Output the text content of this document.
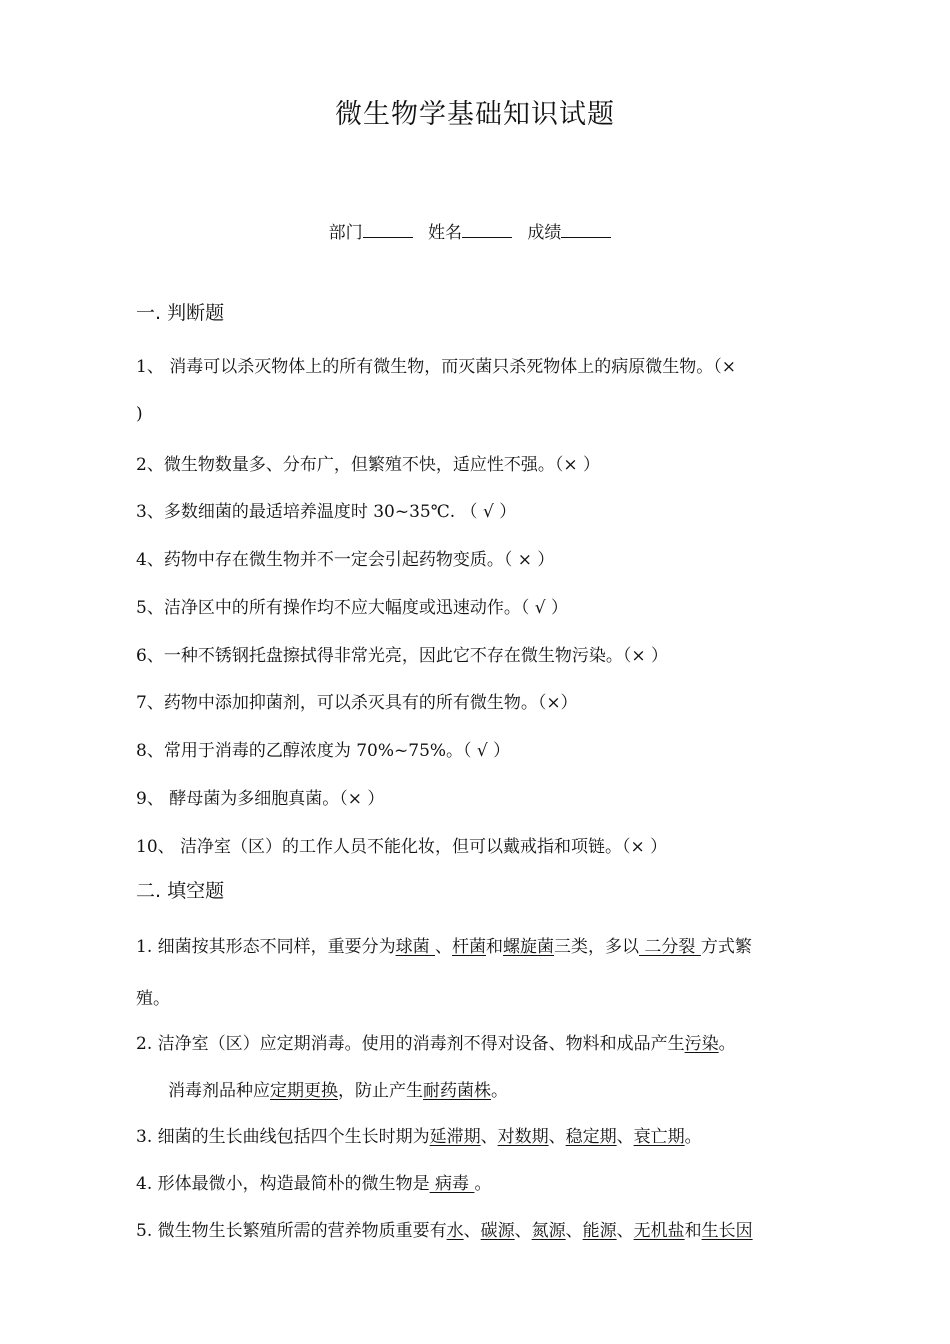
微生物学基础知识试题
部门	姓名	成绩
一. 判断题
1、 消毒可以杀灭物体上的所有微生物，而灭菌只杀死物体上的病原微生物。（×
)
2、微生物数量多、分布广，但繁殖不快，适应性不强。（× ）
3、多数细菌的最适培养温度时 30~35℃. （ √ ）
4、药物中存在微生物并不一定会引起药物变质。（ × ）
5、洁净区中的所有操作均不应大幅度或迅速动作。（ √ ）
6、一种不锈钢托盘擦拭得非常光亮，因此它不存在微生物污染。（× ）
7、药物中添加抑菌剂，可以杀灭具有的所有微生物。（×）
8、常用于消毒的乙醇浓度为 70%~75%。（ √ ）
9、 酵母菌为多细胞真菌。（× ）
10、 洁净室（区）的工作人员不能化妆，但可以戴戒指和项链。（× ）
二. 填空题
1. 细菌按其形态不同样，重要分为球菌 、杆菌和螺旋菌三类，多以 二分裂 方式繁
殖。
2. 洁净室（区）应定期消毒。使用的消毒剂不得对设备、物料和成品产生污染。
消毒剂品种应定期更换，防止产生耐药菌株。
3. 细菌的生长曲线包括四个生长时期为延滞期、对数期、稳定期、衰亡期。
4. 形体最微小，构造最简朴的微生物是 病毒 。
5. 微生物生长繁殖所需的营养物质重要有水、碳源、氮源、能源、无机盐和生长因
